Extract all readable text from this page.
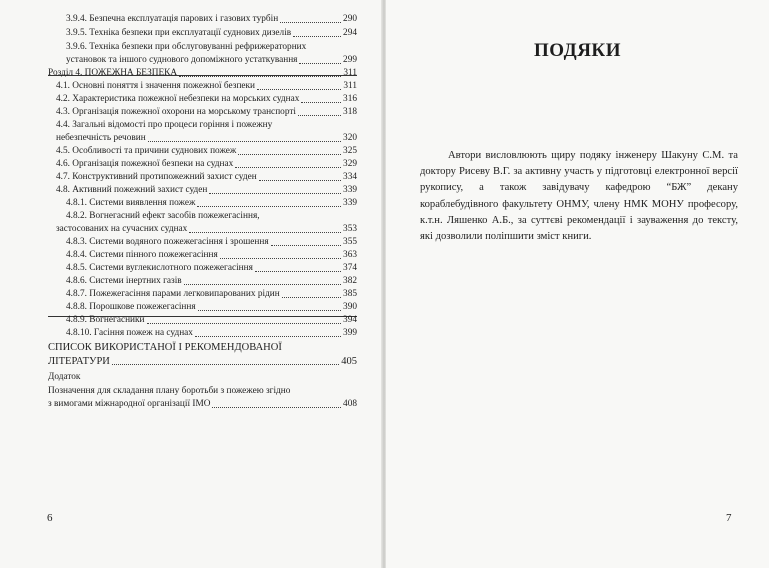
3.9.4. Безпечна експлуатація парових і газових турбін	290
3.9.5. Техніка безпеки при експлуатації суднових дизелів	294
3.9.6. Техніка безпеки при обслуговуванні рефрижераторних
установок та іншого суднового допоміжного устаткування	299
Розділ 4. ПОЖЕЖНА БЕЗПЕКА	311
4.1. Основні поняття і значення пожежної безпеки	311
4.2. Характеристика пожежної небезпеки на морських суднах	316
4.3. Організація пожежної охорони на морському транспорті	318
4.4. Загальні відомості про процеси горіння і пожежну
небезпечність речовин	320
4.5. Особливості та причини суднових пожеж	325
4.6. Організація пожежної безпеки на суднах	329
4.7. Конструктивний протипожежний захист суден	334
4.8. Активний пожежний захист суден	339
4.8.1. Системи виявлення пожеж	339
4.8.2. Вогнегасний ефект засобів пожежегасіння,
застосованих на сучасних суднах	353
4.8.3. Системи водяного пожежегасіння і зрошення	355
4.8.4. Системи пінного пожежегасіння	363
4.8.5. Системи вуглекислотного пожежегасіння	374
4.8.6. Системи інертних газів	382
4.8.7. Пожежегасіння парами легковипарованих рідин	385
4.8.8. Порошкове пожежегасіння	390
4.8.9. Вогнегасники	394
4.8.10. Гасіння пожеж на суднах	399
СПИСОК ВИКОРИСТАНОЇ І РЕКОМЕНДОВАНОЇ
ЛІТЕРАТУРИ	405
Додаток
Позначення для складання плану боротьби з пожежею згідно
з вимогами міжнародної організації ІМО	408
6
ПОДЯКИ
Автори висловлюють щиру подяку інженеру Шакуну С.М. та доктору Рисеву В.Г. за активну участь у підготовці електронної версії рукопису, а також завідувачу кафедрою “БЖ” декану кораблебудівного факультету ОНМУ, члену НМК МОНУ професору, к.т.н. Ляшенко А.Б., за суттєві рекомендації і зауваження до тексту, які дозволили поліпшити зміст книги.
7
